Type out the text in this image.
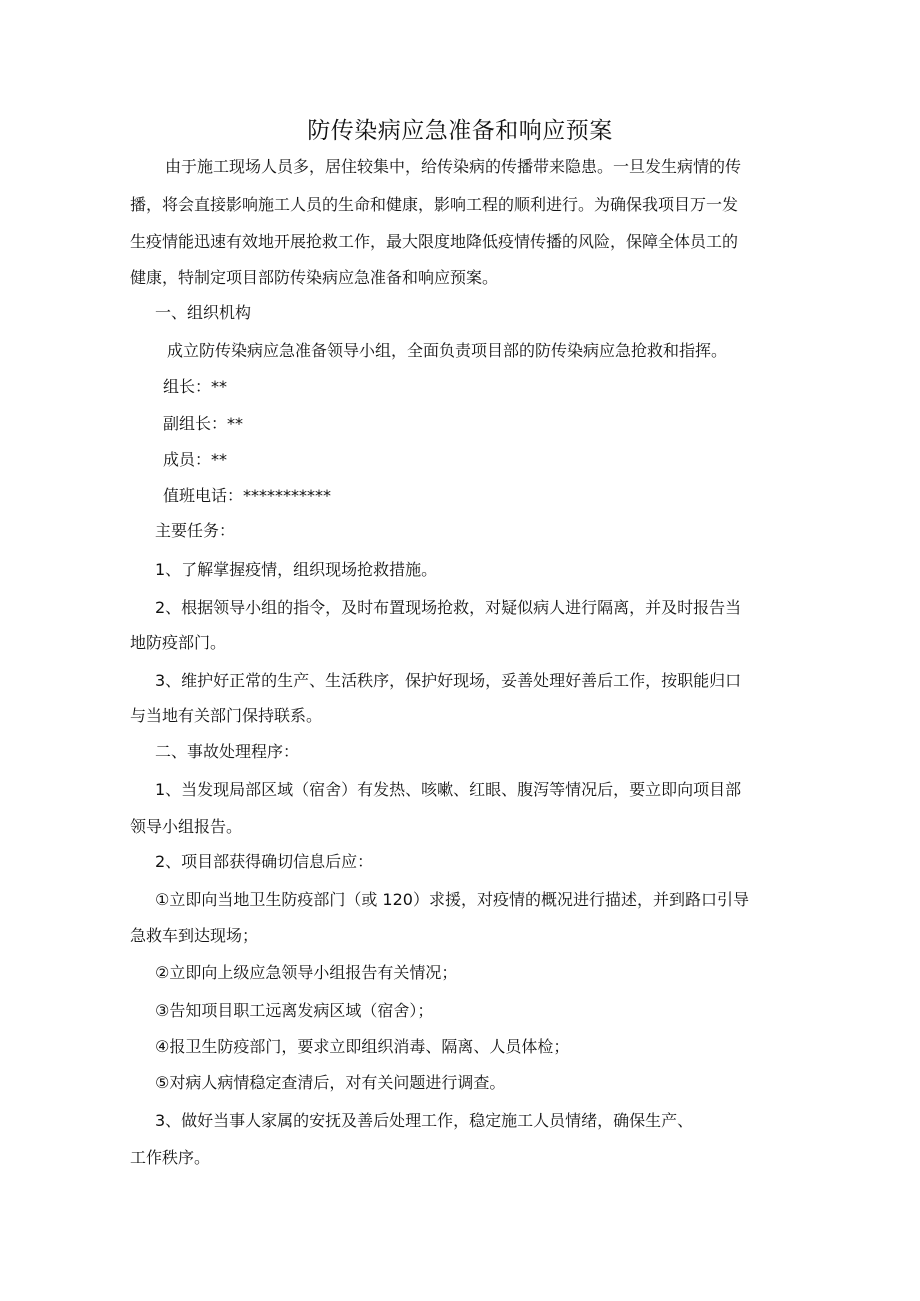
防传染病应急准备和响应预案
由于施工现场人员多，居住较集中，给传染病的传播带来隐患。一旦发生病情的传
播，将会直接影响施工人员的生命和健康，影响工程的顺利进行。为确保我项目万一发
生疫情能迅速有效地开展抢救工作，最大限度地降低疫情传播的风险，保障全体员工的
健康，特制定项目部防传染病应急准备和响应预案。
一、组织机构
成立防传染病应急准备领导小组，全面负责项目部的防传染病应急抢救和指挥。
组长：**
副组长：**
成员：**
值班电话：***********
主要任务：
1、了解掌握疫情，组织现场抢救措施。
2、根据领导小组的指令，及时布置现场抢救，对疑似病人进行隔离，并及时报告当
地防疫部门。
3、维护好正常的生产、生活秩序，保护好现场，妥善处理好善后工作，按职能归口
与当地有关部门保持联系。
二、事故处理程序：
1、当发现局部区域（宿舍）有发热、咳嗽、红眼、腹泻等情况后，要立即向项目部
领导小组报告。
2、项目部获得确切信息后应：
①立即向当地卫生防疫部门（或 120）求援，对疫情的概况进行描述，并到路口引导
急救车到达现场；
②立即向上级应急领导小组报告有关情况；
③告知项目职工远离发病区域（宿舍）；
④报卫生防疫部门，要求立即组织消毒、隔离、人员体检；
⑤对病人病情稳定查清后，对有关问题进行调查。
3、做好当事人家属的安抚及善后处理工作，稳定施工人员情绪，确保生产、
工作秩序。
